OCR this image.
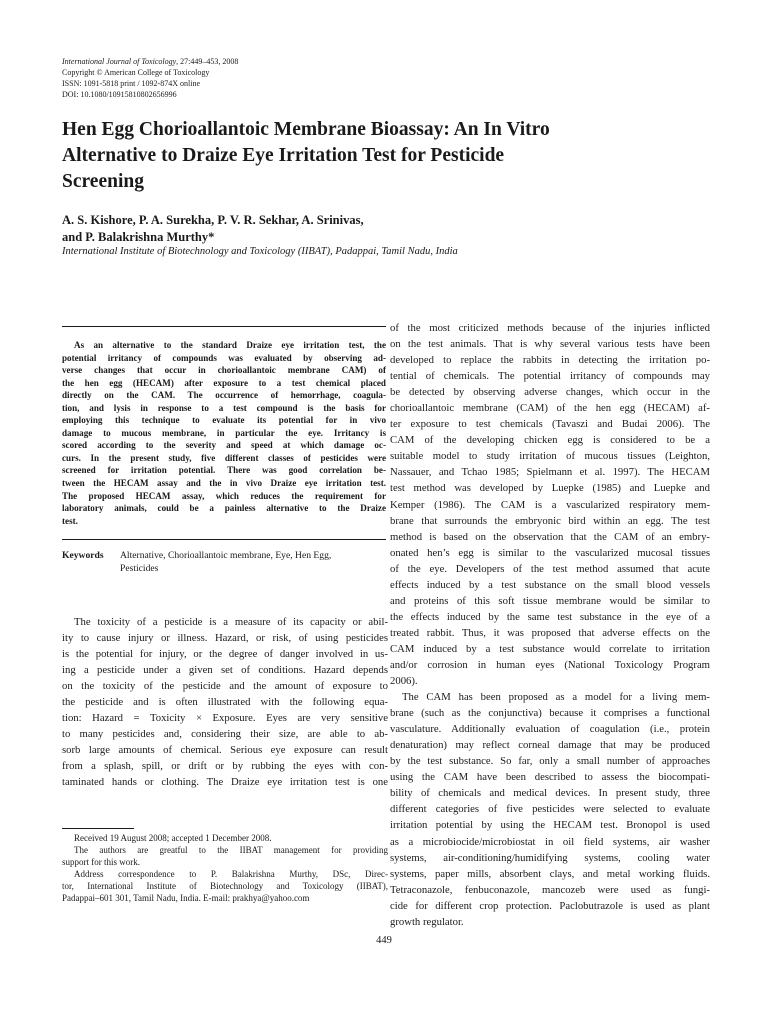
International Journal of Toxicology, 27:449–453, 2008
Copyright © American College of Toxicology
ISSN: 1091-5818 print / 1092-874X online
DOI: 10.1080/10915810802656996
Hen Egg Chorioallantoic Membrane Bioassay: An In Vitro
Alternative to Draize Eye Irritation Test for Pesticide
Screening
A. S. Kishore, P. A. Surekha, P. V. R. Sekhar, A. Srinivas,
and P. Balakrishna Murthy*
International Institute of Biotechnology and Toxicology (IIBAT), Padappai, Tamil Nadu, India
As an alternative to the standard Draize eye irritation test, the
potential irritancy of compounds was evaluated by observing ad-
verse changes that occur in chorioallantoic membrane CAM) of
the hen egg (HECAM) after exposure to a test chemical placed
directly on the CAM. The occurrence of hemorrhage, coagula-
tion, and lysis in response to a test compound is the basis for
employing this technique to evaluate its potential for in vivo
damage to mucous membrane, in particular the eye. Irritancy is
scored according to the severity and speed at which damage oc-
curs. In the present study, five different classes of pesticides were
screened for irritation potential. There was good correlation be-
tween the HECAM assay and the in vivo Draize eye irritation test.
The proposed HECAM assay, which reduces the requirement for
laboratory animals, could be a painless alternative to the Draize
test.
Keywords Alternative, Chorioallantoic membrane, Eye, Hen Egg,
Pesticides
The toxicity of a pesticide is a measure of its capacity or abil-
ity to cause injury or illness. Hazard, or risk, of using pesticides
is the potential for injury, or the degree of danger involved in us-
ing a pesticide under a given set of conditions. Hazard depends
on the toxicity of the pesticide and the amount of exposure to
the pesticide and is often illustrated with the following equa-
tion: Hazard = Toxicity × Exposure. Eyes are very sensitive
to many pesticides and, considering their size, are able to ab-
sorb large amounts of chemical. Serious eye exposure can result
from a splash, spill, or drift or by rubbing the eyes with con-
taminated hands or clothing. The Draize eye irritation test is one
Received 19 August 2008; accepted 1 December 2008.
The authors are greatful to the IIBAT management for providing
support for this work.
Address correspondence to P. Balakrishna Murthy, DSc, Direc-
tor, International Institute of Biotechnology and Toxicology (IIBAT),
Padappai–601 301, Tamil Nadu, India. E-mail: prakhya@yahoo.com
of the most criticized methods because of the injuries inflicted
on the test animals. That is why several various tests have been
developed to replace the rabbits in detecting the irritation po-
tential of chemicals. The potential irritancy of compounds may
be detected by observing adverse changes, which occur in the
chorioallantoic membrane (CAM) of the hen egg (HECAM) af-
ter exposure to test chemicals (Tavaszi and Budai 2006). The
CAM of the developing chicken egg is considered to be a
suitable model to study irritation of mucous tissues (Leighton,
Nassauer, and Tchao 1985; Spielmann et al. 1997). The HECAM
test method was developed by Luepke (1985) and Luepke and
Kemper (1986). The CAM is a vascularized respiratory mem-
brane that surrounds the embryonic bird within an egg. The test
method is based on the observation that the CAM of an embry-
onated hen’s egg is similar to the vascularized mucosal tissues
of the eye. Developers of the test method assumed that acute
effects induced by a test substance on the small blood vessels
and proteins of this soft tissue membrane would be similar to
the effects induced by the same test substance in the eye of a
treated rabbit. Thus, it was proposed that adverse effects on the
CAM induced by a test substance would correlate to irritation
and/or corrosion in human eyes (National Toxicology Program
2006).
The CAM has been proposed as a model for a living mem-
brane (such as the conjunctiva) because it comprises a functional
vasculature. Additionally evaluation of coagulation (i.e., protein
denaturation) may reflect corneal damage that may be produced
by the test substance. So far, only a small number of approaches
using the CAM have been described to assess the biocompati-
bility of chemicals and medical devices. In present study, three
different categories of five pesticides were selected to evaluate
irritation potential by using the HECAM test. Bronopol is used
as a microbiocide/microbiostat in oil field systems, air washer
systems, air-conditioning/humidifying systems, cooling water
systems, paper mills, absorbent clays, and metal working fluids.
Tetraconazole, fenbuconazole, mancozeb were used as fungi-
cide for different crop protection. Paclobutrazole is used as plant
growth regulator.
449
